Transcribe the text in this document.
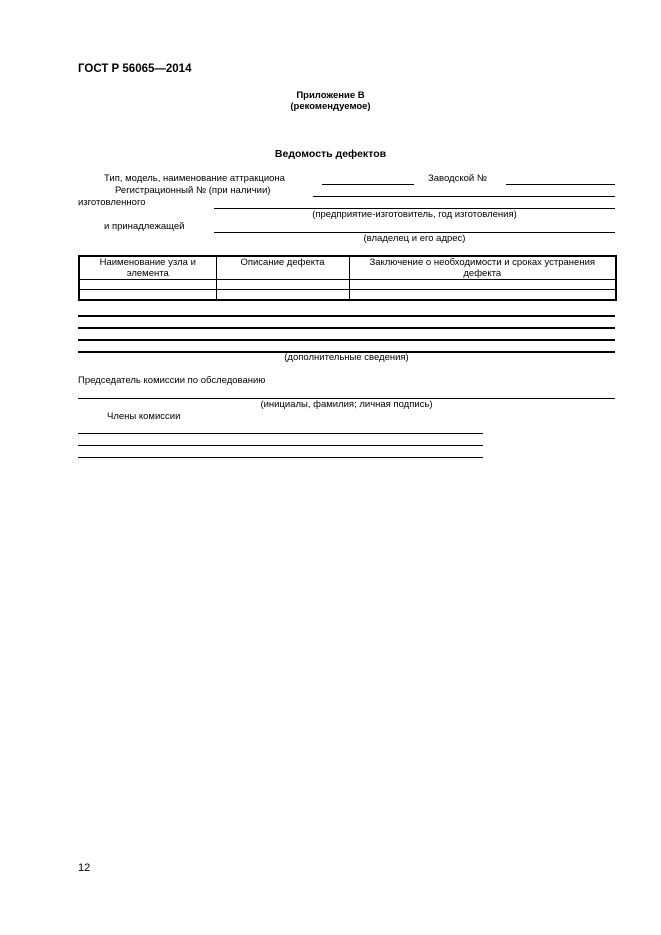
ГОСТ Р 56065—2014
Приложение В
(рекомендуемое)
Ведомость дефектов
Тип, модель, наименование аттракциона	Заводской №
Регистрационный № (при наличии)
изготовленного
(предприятие-изготовитель, год изготовления)
и принадлежащей
(владелец и его адрес)
Наименование узла и элемента	Описание дефекта	Заключение о необходимости и сроках устранения дефекта

(дополнительные сведения)
Председатель комиссии по обследованию
(инициалы, фамилия; личная подпись)
Члены комиссии
12
